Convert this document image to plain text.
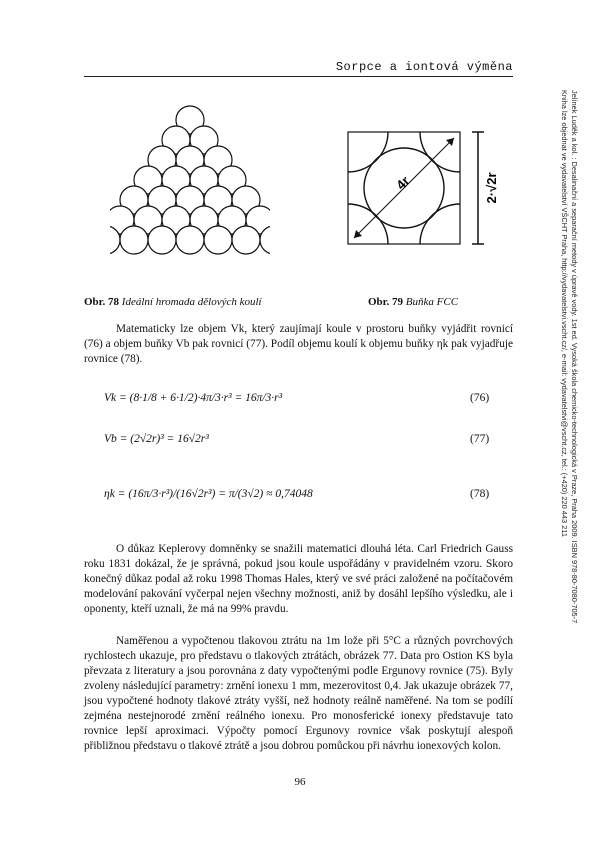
Sorpce a iontová výměna
4r	2·√2r
Obr. 78 Ideální hromada dělových koulí	Obr. 79 Buňka FCC

Matematicky lze objem Vk, který zaujímají koule v prostoru buňky vyjádřit rovnicí (76) a objem buňky Vb pak rovnicí (77). Podíl objemu koulí k objemu buňky ηk pak vyjadřuje rovnice (78).

Vk = (8·1/8 + 6·1/2)·4π/3·r³ = 16π/3·r³	(76)
Vb = (2√2r)³ = 16√2r³	(77)
ηk = (16π/3·r³)/(16√2r³) = π/(3√2) ≈ 0,74048	(78)

O důkaz Keplerovy domněnky se snažili matematici dlouhá léta. Carl Friedrich Gauss roku 1831 dokázal, že je správná, pokud jsou koule uspořádány v pravidelném vzoru. Skoro konečný důkaz podal až roku 1998 Thomas Hales, který ve své práci založené na počítačovém modelování pakování vyčerpal nejen všechny možnosti, aniž by dosáhl lepšího výsledku, ale i oponenty, kteří uznali, že má na 99% pravdu.

Naměřenou a vypočtenou tlakovou ztrátu na 1m lože při 5°C a různých povrchových rychlostech ukazuje, pro představu o tlakových ztrátách, obrázek 77. Data pro Ostion KS byla převzata z literatury a jsou porovnána z daty vypočtenými podle Ergunovy rovnice (75). Byly zvoleny následující parametry: zrnění ionexu 1 mm, mezerovitost 0,4. Jak ukazuje obrázek 77, jsou vypočtené hodnoty tlakové ztráty vyšší, než hodnoty reálně naměřené. Na tom se podílí zejména nestejnorodé zrnění reálného ionexu. Pro monosferické ionexy představuje tato rovnice lepší aproximaci. Výpočty pomocí Ergunovy rovnice však poskytují alespoň přibližnou představu o tlakové ztrátě a jsou dobrou pomůckou při návrhu ionexových kolon.

96
Jelínek Luděk a kol. : Desalinační a separační metody v úpravě vody. 1st ed. Vysoká škola chemicko-technologická v Praze, Praha 2009. ISBN 978-80-7080-705-7
Kniha lze objednat ve vydavatelství VŠCHT Praha, http://vydavatelstvi.vscht.cz/, e-mail: vydavatelstvi@vscht.cz, tel.: (+420) 220 443 211
